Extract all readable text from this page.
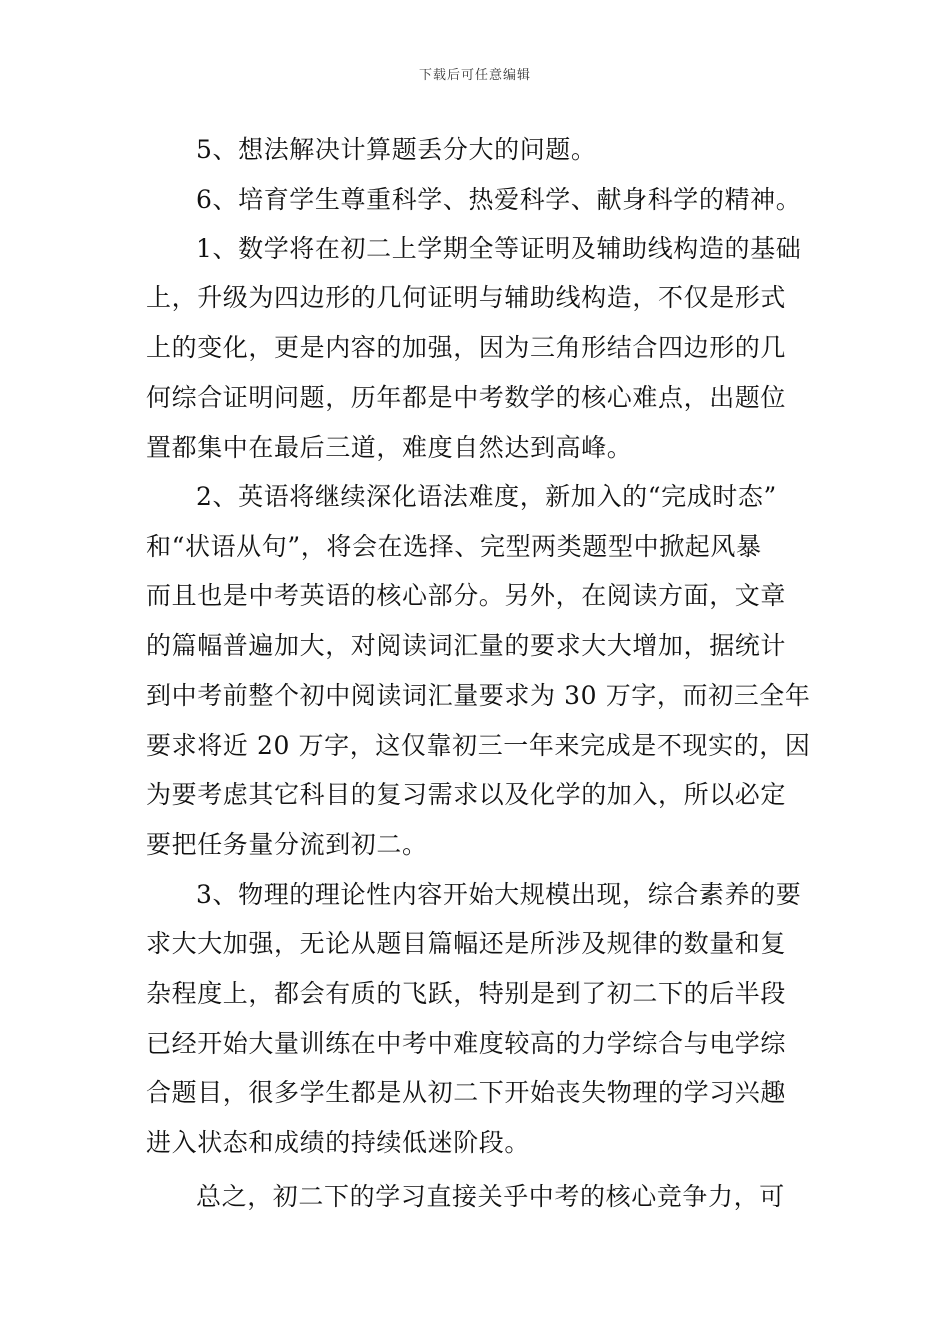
下载后可任意编辑
5、想法解决计算题丢分大的问题。
6、培育学生尊重科学、热爱科学、献身科学的精神。
1、数学将在初二上学期全等证明及辅助线构造的基础
上，升级为四边形的几何证明与辅助线构造，不仅是形式
上的变化，更是内容的加强，因为三角形结合四边形的几
何综合证明问题，历年都是中考数学的核心难点，出题位
置都集中在最后三道，难度自然达到高峰。
2、英语将继续深化语法难度，新加入的“完成时态”
和“状语从句”，将会在选择、完型两类题型中掀起风暴
而且也是中考英语的核心部分。另外，在阅读方面，文章
的篇幅普遍加大，对阅读词汇量的要求大大增加，据统计
到中考前整个初中阅读词汇量要求为 30 万字，而初三全年
要求将近 20 万字，这仅靠初三一年来完成是不现实的，因
为要考虑其它科目的复习需求以及化学的加入，所以必定
要把任务量分流到初二。
3、物理的理论性内容开始大规模出现，综合素养的要
求大大加强，无论从题目篇幅还是所涉及规律的数量和复
杂程度上，都会有质的飞跃，特别是到了初二下的后半段
已经开始大量训练在中考中难度较高的力学综合与电学综
合题目，很多学生都是从初二下开始丧失物理的学习兴趣
进入状态和成绩的持续低迷阶段。
总之，初二下的学习直接关乎中考的核心竞争力，可
